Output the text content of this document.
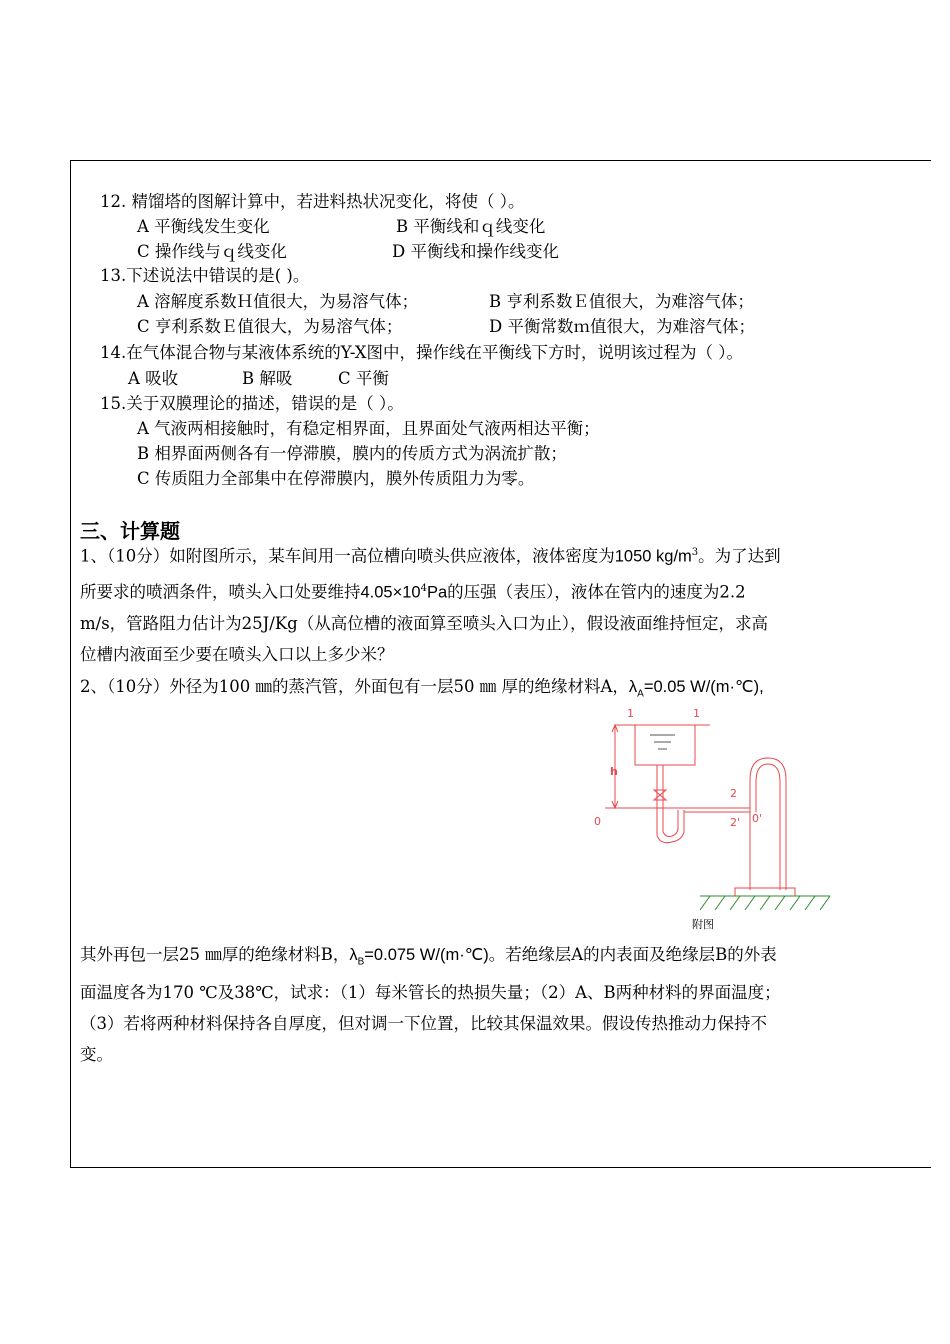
12. 精馏塔的图解计算中，若进料热状况变化，将使（ ）。
A 平衡线发生变化	B 平衡线和ｑ线变化
C 操作线与ｑ线变化	D 平衡线和操作线变化
13.下述说法中错误的是( )。
A 溶解度系数Ｈ值很大，为易溶气体；	B 亨利系数Ｅ值很大，为难溶气体；
C 亨利系数Ｅ值很大，为易溶气体；	D 平衡常数ｍ值很大，为难溶气体；
14.在气体混合物与某液体系统的Y-X图中，操作线在平衡线下方时，说明该过程为（ ）。
A 吸收	B 解吸	C 平衡
15.关于双膜理论的描述，错误的是（ ）。
A 气液两相接触时，有稳定相界面，且界面处气液两相达平衡；
B 相界面两侧各有一停滞膜，膜内的传质方式为涡流扩散；
C 传质阻力全部集中在停滞膜内，膜外传质阻力为零。
三、计算题
1、（10分）如附图所示，某车间用一高位槽向喷头供应液体，液体密度为1050 $kg/m^3$。为了达到
所要求的喷洒条件，喷头入口处要维持$4.05\times 10^4Pa$的压强（表压），液体在管内的速度为2.2
m/s，管路阻力估计为25J/Kg（从高位槽的液面算至喷头入口为止），假设液面维持恒定，求高
位槽内液面至少要在喷头入口以上多少米？
2、（10分）外径为100 ㎜的蒸汽管，外面包有一层50 ㎜ 厚的绝缘材料A，$\lambda_A=0.05$ W/(m·℃),
1	1
h
0
2
2' 0'
附图
其外再包一层25 ㎜厚的绝缘材料B，$\lambda_B=0.075$ W/(m·℃)。若绝缘层A的内表面及绝缘层B的外表
面温度各为170 ℃及38℃，试求：（1）每米管长的热损失量；（2）A、B两种材料的界面温度；
（3）若将两种材料保持各自厚度，但对调一下位置，比较其保温效果。假设传热推动力保持不
变。
